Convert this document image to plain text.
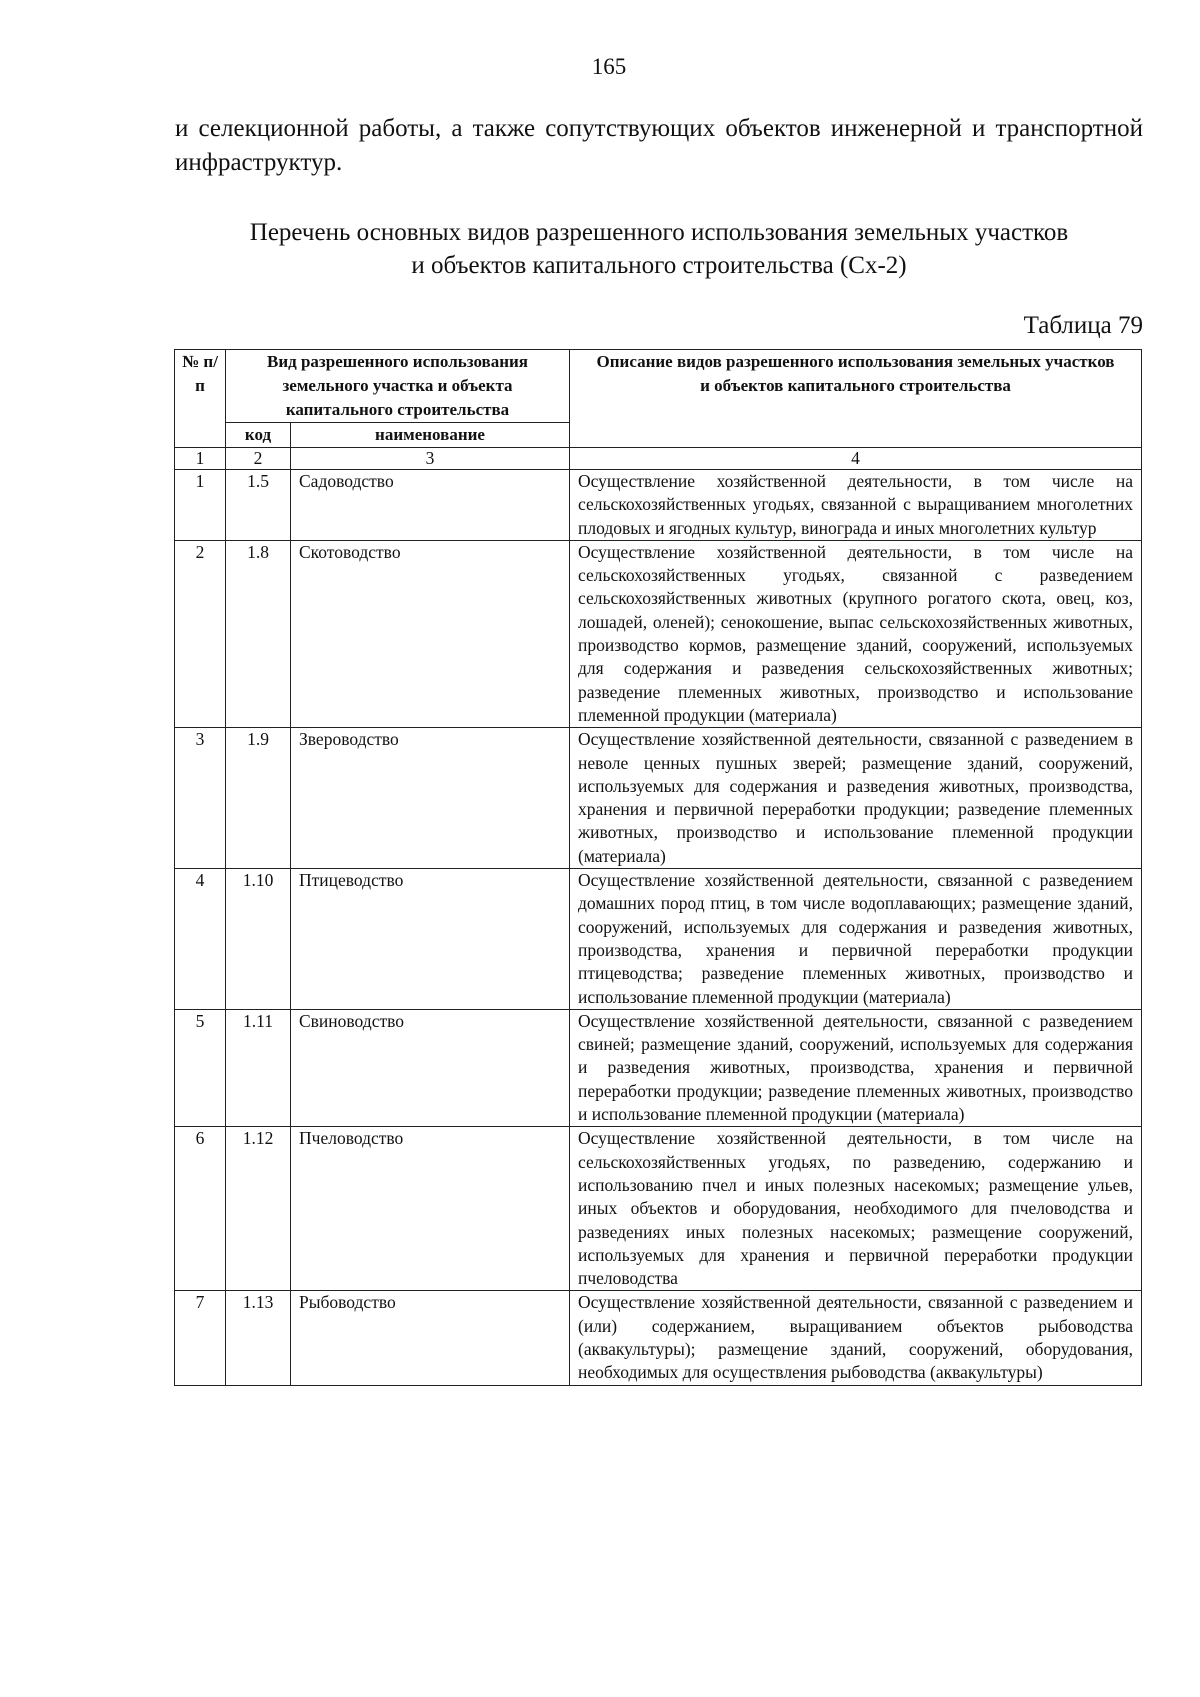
165
и селекционной работы, а также сопутствующих объектов инженерной и транспортной инфраструктур.
Перечень основных видов разрешенного использования земельных участков
и объектов капитального строительства (Сх-2)
Таблица 79
№ п/п	Вид разрешенного использования земельного участка и объекта капитального строительства		Описание видов разрешенного использования земельных участков и объектов капитального строительства
	код	наименование	
1	2	3	4
1	1.5	Садоводство	Осуществление хозяйственной деятельности, в том числе на сельскохозяйственных угодьях, связанной с выращиванием многолетних плодовых и ягодных культур, винограда и иных многолетних культур
2	1.8	Скотоводство	Осуществление хозяйственной деятельности, в том числе на сельскохозяйственных угодьях, связанной с разведением сельскохозяйственных животных (крупного рогатого скота, овец, коз, лошадей, оленей); сенокошение, выпас сельскохозяйственных животных, производство кормов, размещение зданий, сооружений, используемых для содержания и разведения сельскохозяйственных животных; разведение племенных животных, производство и использование племенной продукции (материала)
3	1.9	Звероводство	Осуществление хозяйственной деятельности, связанной с разведением в неволе ценных пушных зверей; размещение зданий, сооружений, используемых для содержания и разведения животных, производства, хранения и первичной переработки продукции; разведение племенных животных, производство и использование племенной продукции (материала)
4	1.10	Птицеводство	Осуществление хозяйственной деятельности, связанной с разведением домашних пород птиц, в том числе водоплавающих; размещение зданий, сооружений, используемых для содержания и разведения животных, производства, хранения и первичной переработки продукции птицеводства; разведение племенных животных, производство и использование племенной продукции (материала)
5	1.11	Свиноводство	Осуществление хозяйственной деятельности, связанной с разведением свиней; размещение зданий, сооружений, используемых для содержания и разведения животных, производства, хранения и первичной переработки продукции; разведение племенных животных, производство и использование племенной продукции (материала)
6	1.12	Пчеловодство	Осуществление хозяйственной деятельности, в том числе на сельскохозяйственных угодьях, по разведению, содержанию и использованию пчел и иных полезных насекомых; размещение ульев, иных объектов и оборудования, необходимого для пчеловодства и разведениях иных полезных насекомых; размещение сооружений, используемых для хранения и первичной переработки продукции пчеловодства
7	1.13	Рыбоводство	Осуществление хозяйственной деятельности, связанной с разведением и (или) содержанием, выращиванием объектов рыбоводства (аквакультуры); размещение зданий, сооружений, оборудования, необходимых для осуществления рыбоводства (аквакультуры)
